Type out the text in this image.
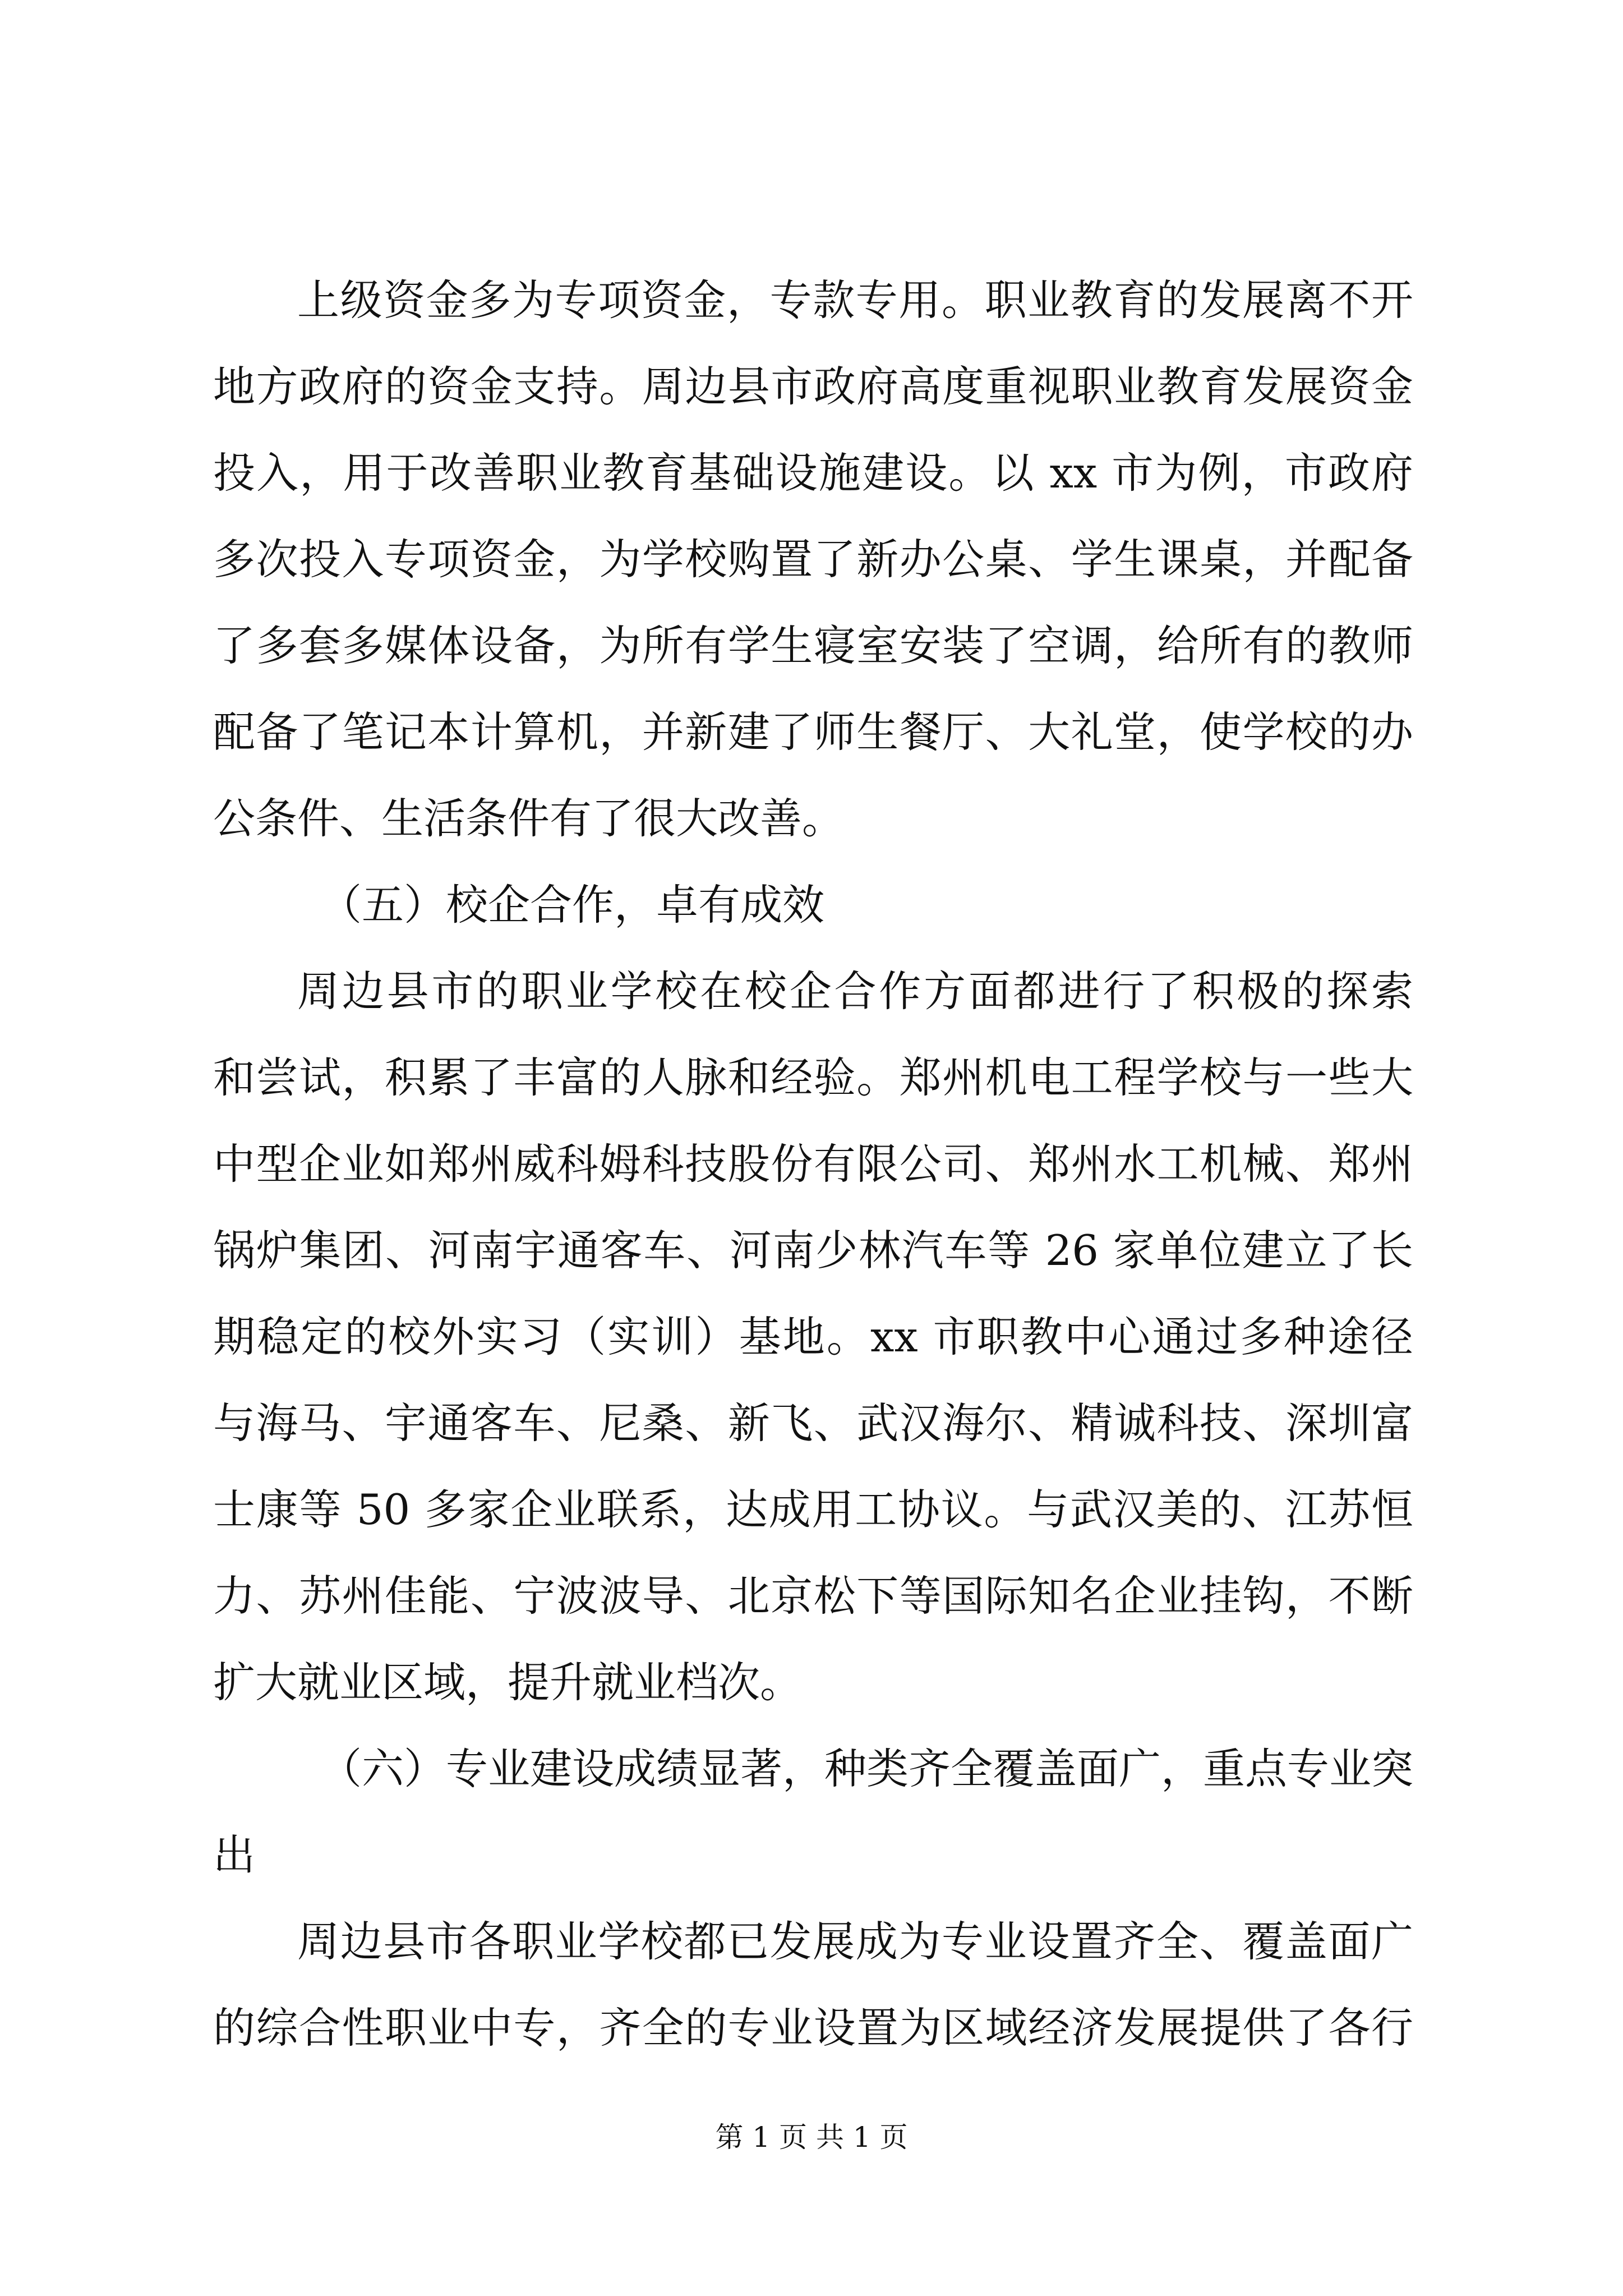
上级资金多为专项资金，专款专用。职业教育的发展离不开
地方政府的资金支持。周边县市政府高度重视职业教育发展资金
投入，用于改善职业教育基础设施建设。以 xx 市为例，市政府
多次投入专项资金，为学校购置了新办公桌、学生课桌，并配备
了多套多媒体设备，为所有学生寝室安装了空调，给所有的教师
配备了笔记本计算机，并新建了师生餐厅、大礼堂，使学校的办
公条件、生活条件有了很大改善。
（五）校企合作，卓有成效
周边县市的职业学校在校企合作方面都进行了积极的探索
和尝试，积累了丰富的人脉和经验。郑州机电工程学校与一些大
中型企业如郑州威科姆科技股份有限公司、郑州水工机械、郑州
锅炉集团、河南宇通客车、河南少林汽车等 26 家单位建立了长
期稳定的校外实习（实训）基地。xx 市职教中心通过多种途径
与海马、宇通客车、尼桑、新飞、武汉海尔、精诚科技、深圳富
士康等 50 多家企业联系，达成用工协议。与武汉美的、江苏恒
力、苏州佳能、宁波波导、北京松下等国际知名企业挂钩，不断
扩大就业区域，提升就业档次。
（六）专业建设成绩显著，种类齐全覆盖面广，重点专业突
出
周边县市各职业学校都已发展成为专业设置齐全、覆盖面广
的综合性职业中专，齐全的专业设置为区域经济发展提供了各行
第 1 页 共 1 页
